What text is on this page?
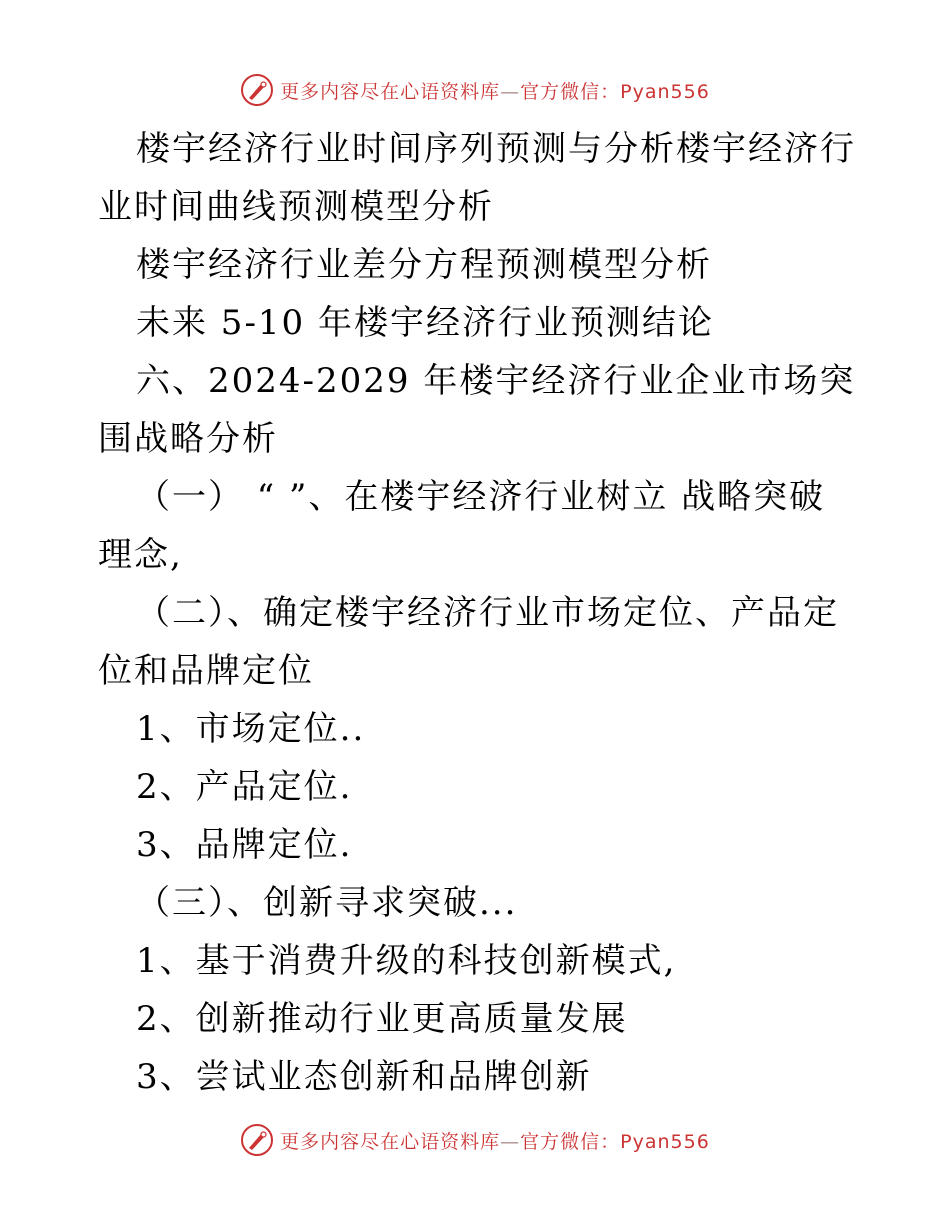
更多内容尽在心语资料库—官方微信：Pyan556

楼宇经济行业时间序列预测与分析楼宇经济行业时间曲线预测模型分析

楼宇经济行业差分方程预测模型分析

未来 5-10 年楼宇经济行业预测结论

六、2024-2029 年楼宇经济行业企业市场突围战略分析

（一） “ ”、在楼宇经济行业树立 战略突破 理念,

（二）、确定楼宇经济行业市场定位、产品定位和品牌定位

1、市场定位..

2、产品定位.

3、品牌定位.

（三）、创新寻求突破...

1、基于消费升级的科技创新模式,

2、创新推动行业更高质量发展

3、尝试业态创新和品牌创新

更多内容尽在心语资料库—官方微信：Pyan556
